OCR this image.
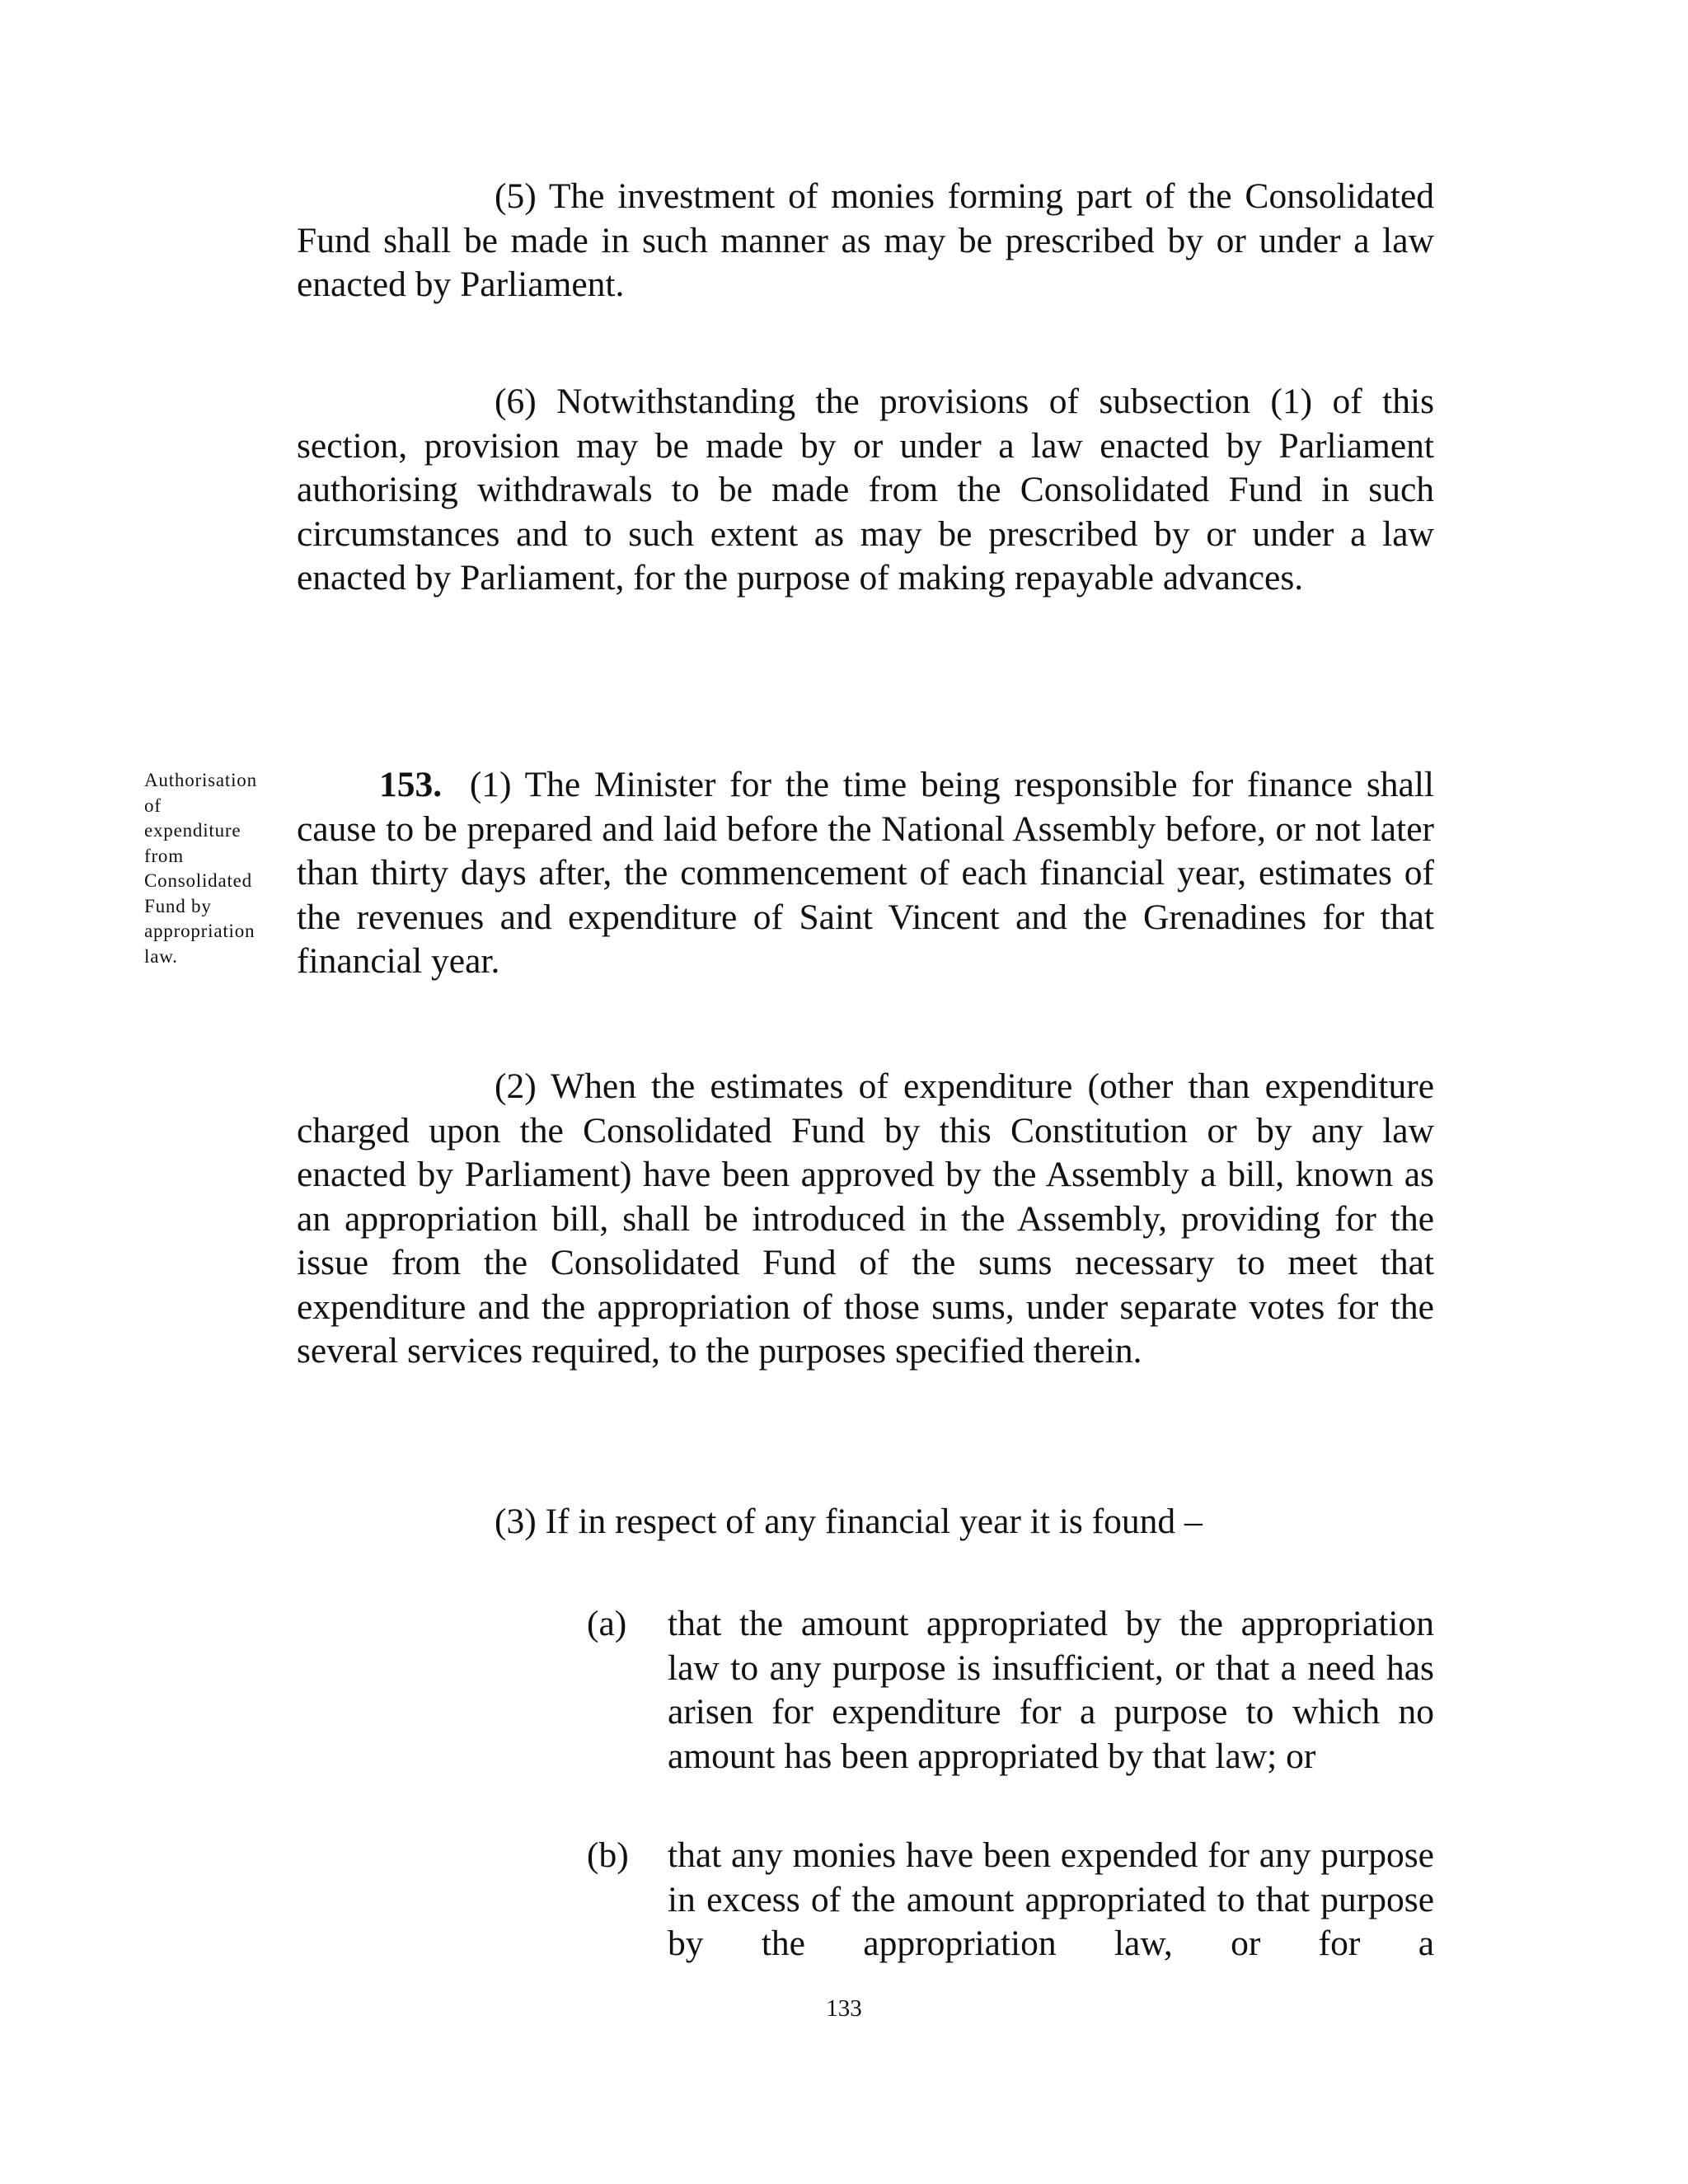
(5) The investment of monies forming part of the Consolidated Fund shall be made in such manner as may be prescribed by or under a law enacted by Parliament.

(6) Notwithstanding the provisions of subsection (1) of this section, provision may be made by or under a law enacted by Parliament authorising withdrawals to be made from the Consolidated Fund in such circumstances and to such extent as may be prescribed by or under a law enacted by Parliament, for the purpose of making repayable advances.

Authorisation
of
expenditure
from
Consolidated
Fund by
appropriation
law.

153. (1) The Minister for the time being responsible for finance shall cause to be prepared and laid before the National Assembly before, or not later than thirty days after, the commencement of each financial year, estimates of the revenues and expenditure of Saint Vincent and the Grenadines for that financial year.

(2) When the estimates of expenditure (other than expenditure charged upon the Consolidated Fund by this Constitution or by any law enacted by Parliament) have been approved by the Assembly a bill, known as an appropriation bill, shall be introduced in the Assembly, providing for the issue from the Consolidated Fund of the sums necessary to meet that expenditure and the appropriation of those sums, under separate votes for the several services required, to the purposes specified therein.

(3) If in respect of any financial year it is found –

(a) that the amount appropriated by the appropriation law to any purpose is insufficient, or that a need has arisen for expenditure for a purpose to which no amount has been appropriated by that law; or

(b) that any monies have been expended for any purpose in excess of the amount appropriated to that purpose by the appropriation law, or for a

133
